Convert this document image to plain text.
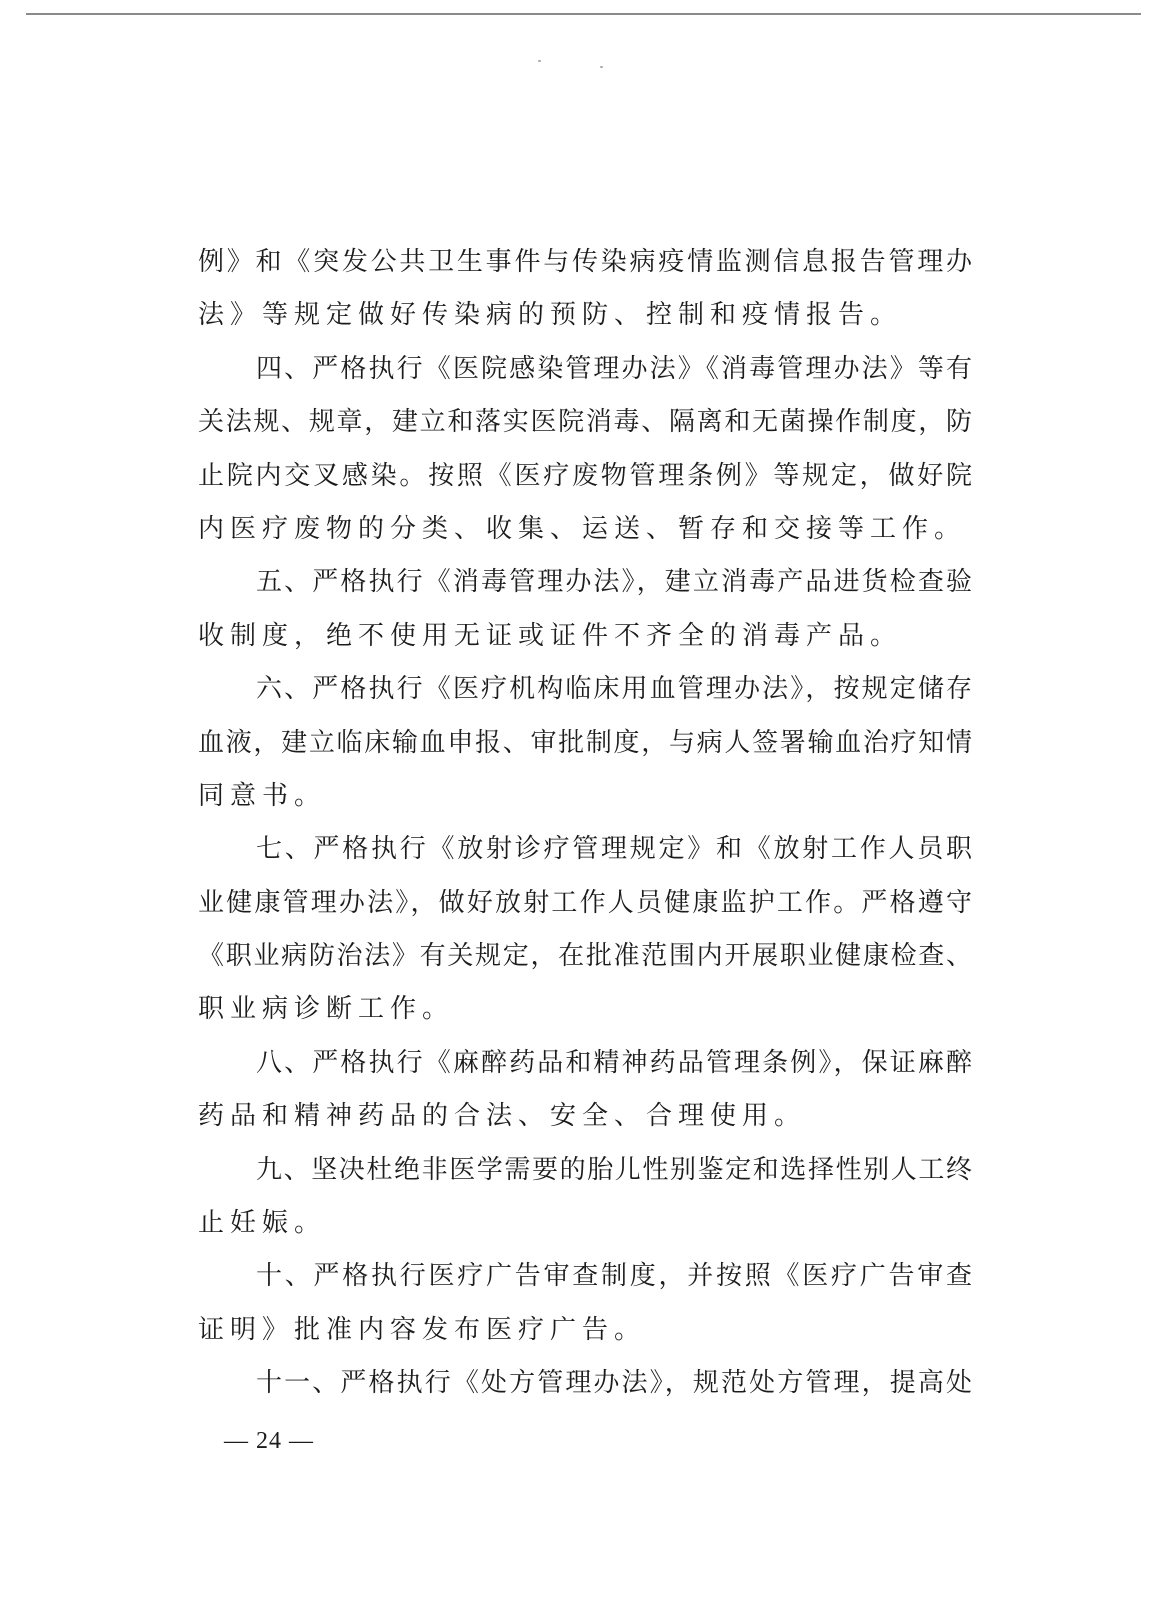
例》和《突发公共卫生事件与传染病疫情监测信息报告管理办
法》等规定做好传染病的预防、控制和疫情报告。
四、严格执行《医院感染管理办法》《消毒管理办法》等有
关法规、规章，建立和落实医院消毒、隔离和无菌操作制度，防
止院内交叉感染。按照《医疗废物管理条例》等规定，做好院
内医疗废物的分类、收集、运送、暂存和交接等工作。
五、严格执行《消毒管理办法》，建立消毒产品进货检查验
收制度，绝不使用无证或证件不齐全的消毒产品。
六、严格执行《医疗机构临床用血管理办法》，按规定储存
血液，建立临床输血申报、审批制度，与病人签署输血治疗知情
同意书。
七、严格执行《放射诊疗管理规定》和《放射工作人员职
业健康管理办法》，做好放射工作人员健康监护工作。严格遵守
《职业病防治法》有关规定，在批准范围内开展职业健康检查、
职业病诊断工作。
八、严格执行《麻醉药品和精神药品管理条例》，保证麻醉
药品和精神药品的合法、安全、合理使用。
九、坚决杜绝非医学需要的胎儿性别鉴定和选择性别人工终
止妊娠。
十、严格执行医疗广告审查制度，并按照《医疗广告审查
证明》批准内容发布医疗广告。
十一、严格执行《处方管理办法》，规范处方管理，提高处
— 24 —
